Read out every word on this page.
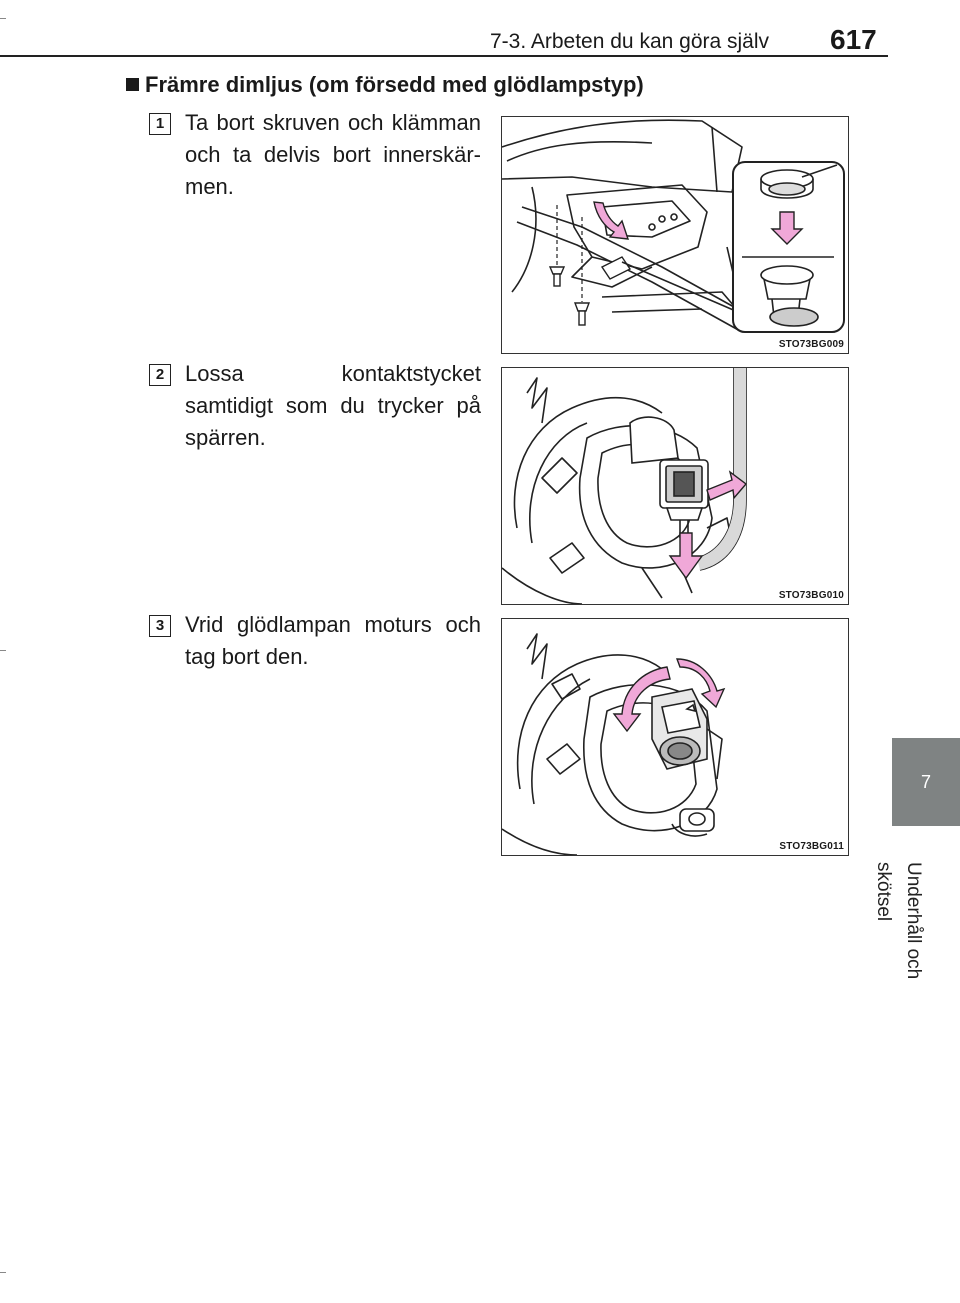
7-3. Arbeten du kan göra själv 617
7
Underhåll och skötsel
Främre dimljus (om försedd med glödlampstyp)
1 Ta bort skruven och klämman och ta delvis bort innerskärmen.
STO73BG009
2 Lossa kontaktstycket samtidigt som du trycker på spärren.
STO73BG010
3 Vrid glödlampan moturs och tag bort den.
STO73BG011
